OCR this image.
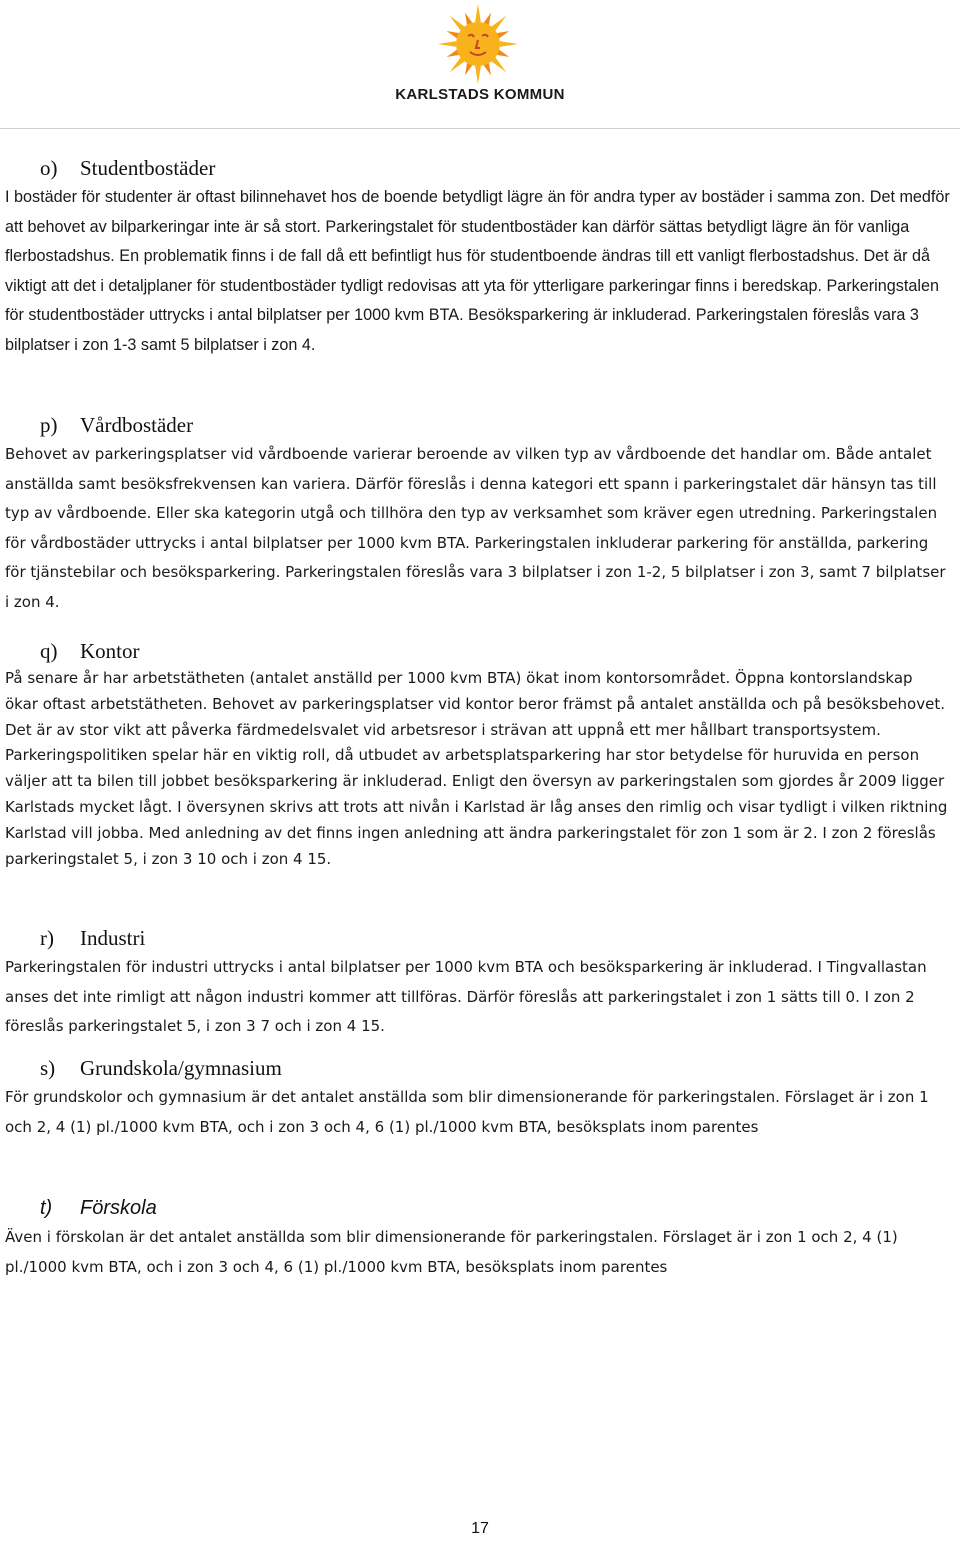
KARLSTADS KOMMUN
o) Studentbostäder

I bostäder för studenter är oftast bilinnehavet hos de boende betydligt lägre än för andra typer av bostäder i samma zon. Det medför att behovet av bilparkeringar inte är så stort. Parkeringstalet för studentbostäder kan därför sättas betydligt lägre än för vanliga flerbostadshus. En problematik finns i de fall då ett befintligt hus för studentboende ändras till ett vanligt flerbostadshus. Det är då viktigt att det i detaljplaner för studentbostäder tydligt redovisas att yta för ytterligare parkeringar finns i beredskap. Parkeringstalen för studentbostäder uttrycks i antal bilplatser per 1000 kvm BTA. Besöksparkering är inkluderad. Parkeringstalen föreslås vara 3 bilplatser i zon 1-3 samt 5 bilplatser i zon 4.

p) Vårdbostäder

Behovet av parkeringsplatser vid vårdboende varierar beroende av vilken typ av vårdboende det handlar om. Både antalet anställda samt besöksfrekvensen kan variera. Därför föreslås i denna kategori ett spann i parkeringstalet där hänsyn tas till typ av vårdboende. Eller ska kategorin utgå och tillhöra den typ av verksamhet som kräver egen utredning. Parkeringstalen för vårdbostäder uttrycks i antal bilplatser per 1000 kvm BTA. Parkeringstalen inkluderar parkering för anställda, parkering för tjänstebilar och besöksparkering. Parkeringstalen föreslås vara 3 bilplatser i zon 1-2, 5 bilplatser i zon 3, samt 7 bilplatser i zon 4.

q) Kontor

På senare år har arbetstätheten (antalet anställd per 1000 kvm BTA) ökat inom kontorsområdet. Öppna kontorslandskap ökar oftast arbetstätheten. Behovet av parkeringsplatser vid kontor beror främst på antalet anställda och på besöksbehovet. Det är av stor vikt att påverka färdmedelsvalet vid arbetsresor i strävan att uppnå ett mer hållbart transportsystem. Parkeringspolitiken spelar här en viktig roll, då utbudet av arbetsplatsparkering har stor betydelse för huruvida en person väljer att ta bilen till jobbet besöksparkering är inkluderad. Enligt den översyn av parkeringstalen som gjordes år 2009 ligger Karlstads mycket lågt. I översynen skrivs att trots att nivån i Karlstad är låg anses den rimlig och visar tydligt i vilken riktning Karlstad vill jobba. Med anledning av det finns ingen anledning att ändra parkeringstalet för zon 1 som är 2. I zon 2 föreslås parkeringstalet 5, i zon 3 10 och i zon 4 15.

r) Industri

Parkeringstalen för industri uttrycks i antal bilplatser per 1000 kvm BTA och besöksparkering är inkluderad. I Tingvallastan anses det inte rimligt att någon industri kommer att tillföras. Därför föreslås att parkeringstalet i zon 1 sätts till 0. I zon 2 föreslås parkeringstalet 5, i zon 3 7 och i zon 4 15.

s) Grundskola/gymnasium

För grundskolor och gymnasium är det antalet anställda som blir dimensionerande för parkeringstalen. Förslaget är i zon 1 och 2, 4 (1) pl./1000 kvm BTA, och i zon 3 och 4, 6 (1) pl./1000 kvm BTA, besöksplats inom parentes

t) Förskola

Även i förskolan är det antalet anställda som blir dimensionerande för parkeringstalen. Förslaget är i zon 1 och 2, 4 (1) pl./1000 kvm BTA, och i zon 3 och 4, 6 (1) pl./1000 kvm BTA, besöksplats inom parentes

17
